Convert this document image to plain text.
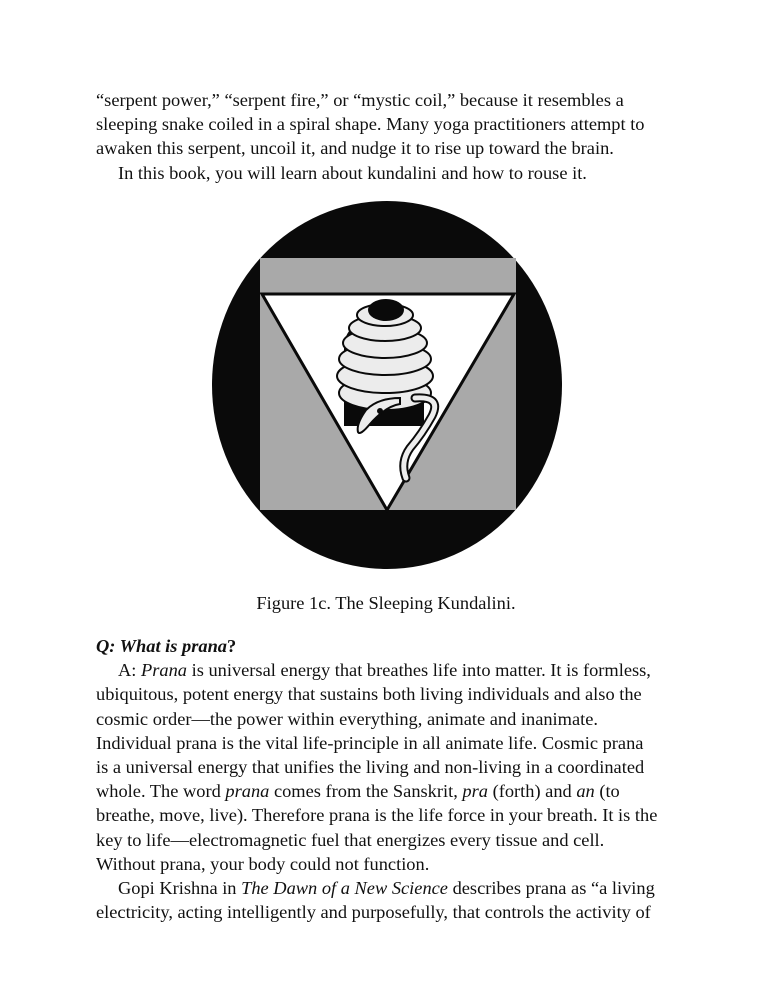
“serpent power,” “serpent fire,” or “mystic coil,” because it resembles a
sleeping snake coiled in a spiral shape. Many yoga practitioners attempt to
awaken this serpent, uncoil it, and nudge it to rise up toward the brain.
In this book, you will learn about kundalini and how to rouse it.

Figure 1c. The Sleeping Kundalini.

Q: What is prana?

A: Prana is universal energy that breathes life into matter. It is formless,
ubiquitous, potent energy that sustains both living individuals and also the
cosmic order—the power within everything, animate and inanimate.
Individual prana is the vital life-principle in all animate life. Cosmic prana
is a universal energy that unifies the living and non-living in a coordinated
whole. The word prana comes from the Sanskrit, pra (forth) and an (to
breathe, move, live). Therefore prana is the life force in your breath. It is the
key to life—electromagnetic fuel that energizes every tissue and cell.
Without prana, your body could not function.

Gopi Krishna in The Dawn of a New Science describes prana as “a living
electricity, acting intelligently and purposefully, that controls the activity of
